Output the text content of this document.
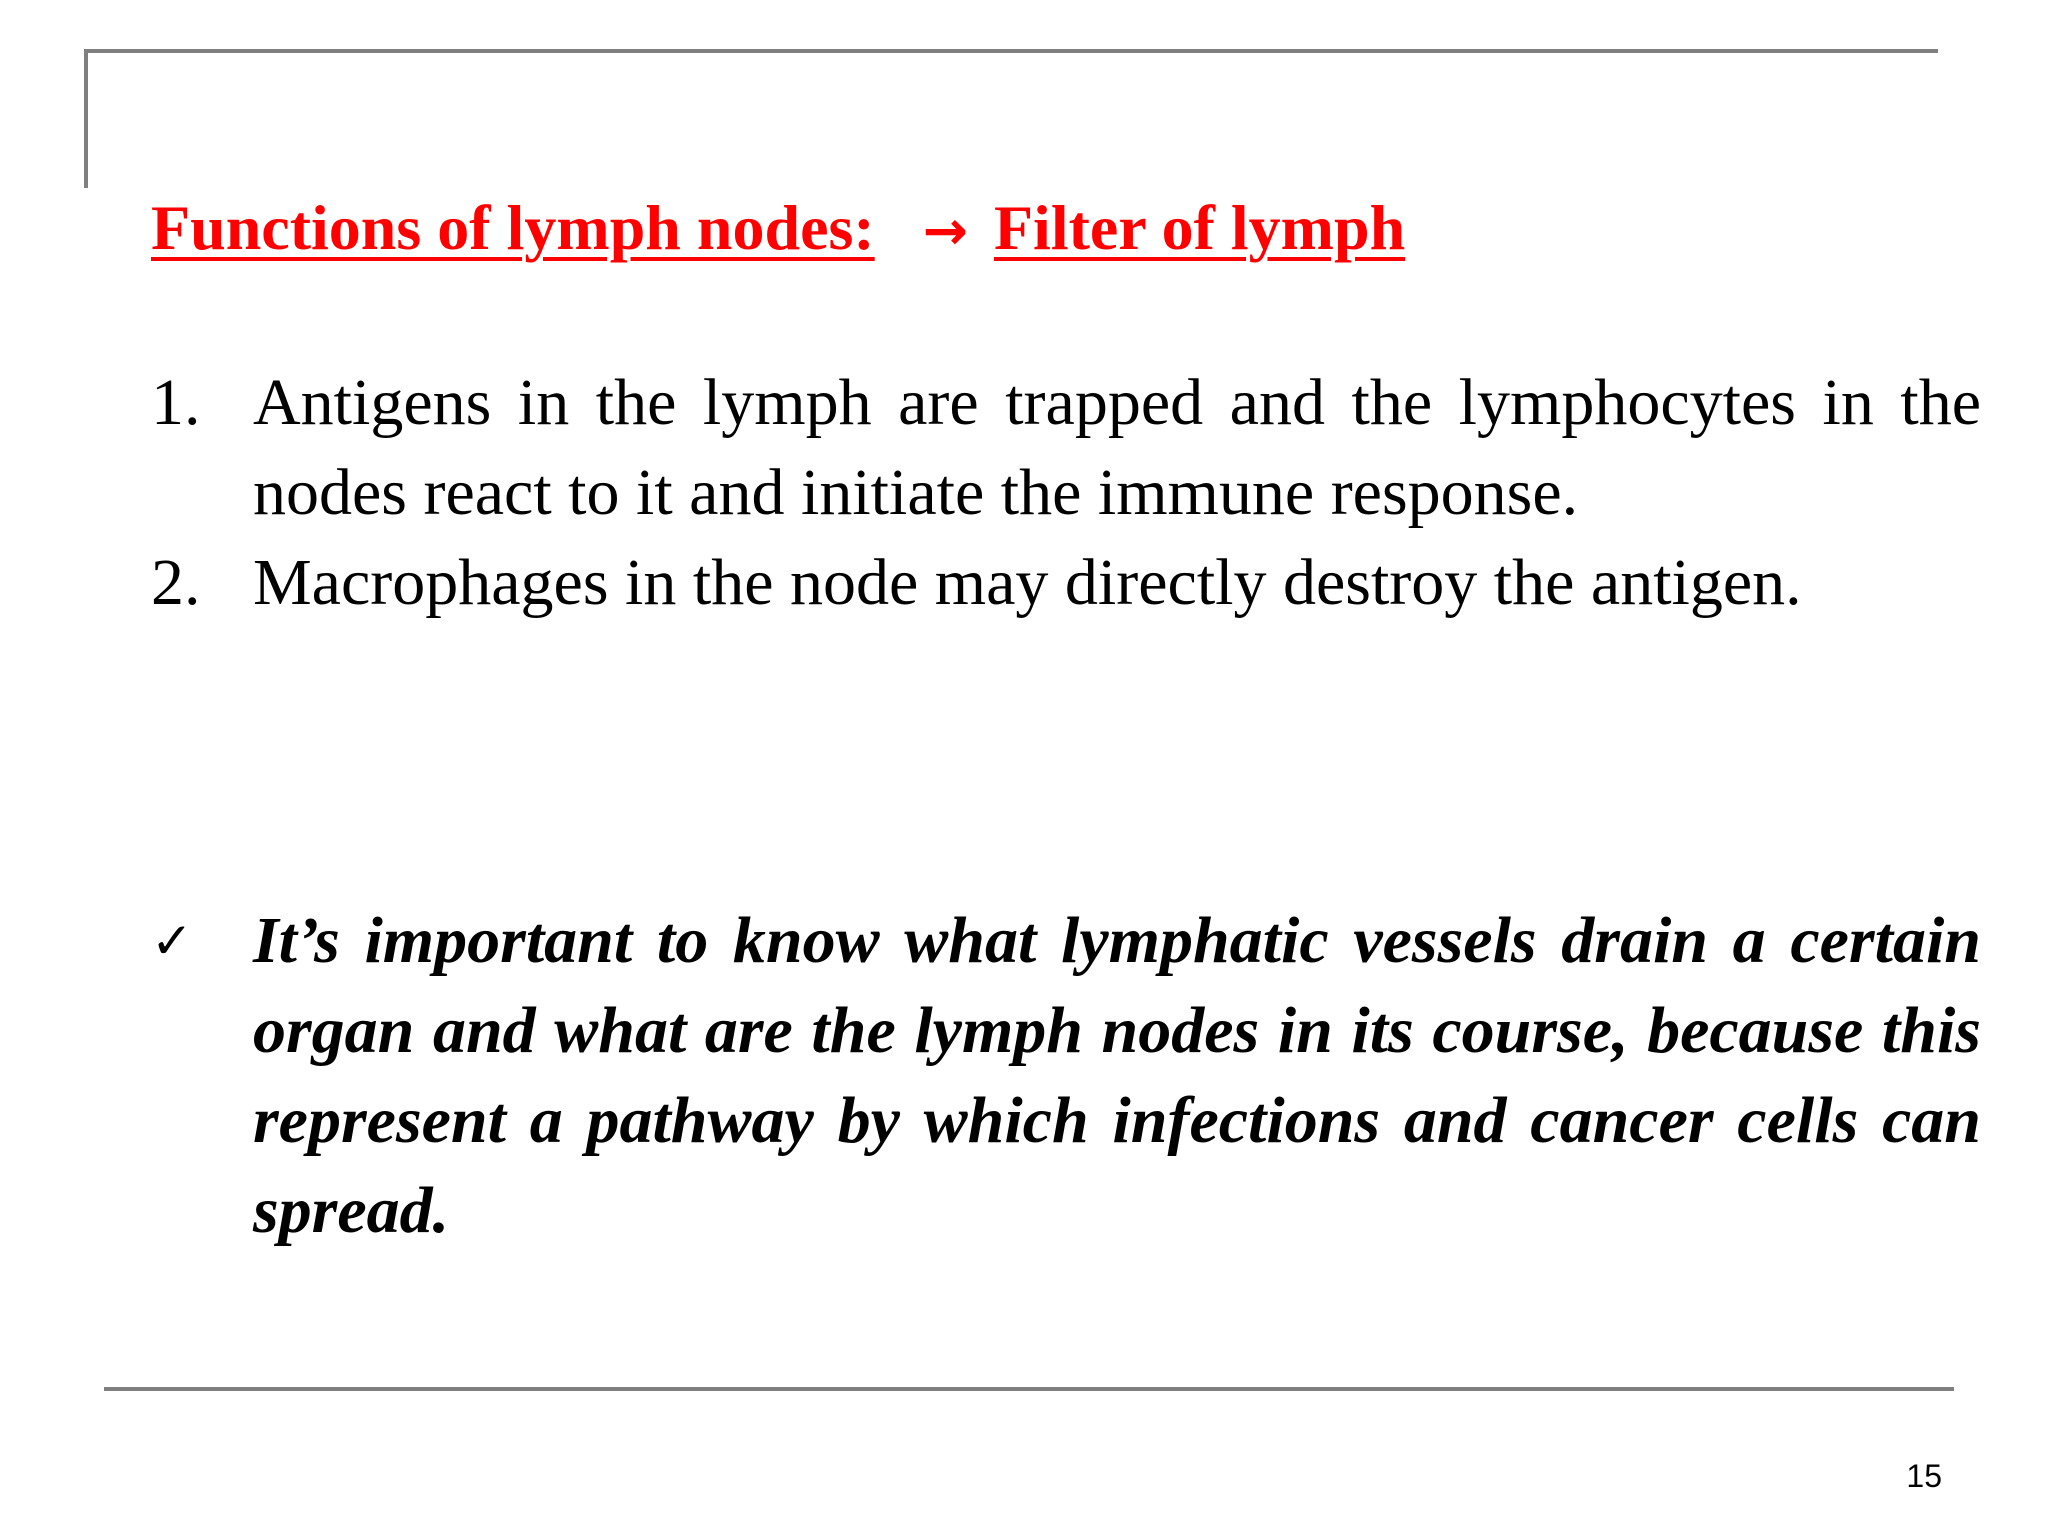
Functions of lymph nodes: → Filter of lymph
1. Antigens in the lymph are trapped and the lymphocytes in the nodes react to it and initiate the immune response.
2. Macrophages in the node may directly destroy the antigen.
✓ It’s important to know what lymphatic vessels drain a certain organ and what are the lymph nodes in its course, because this represent a pathway by which infections and cancer cells can spread.
15
